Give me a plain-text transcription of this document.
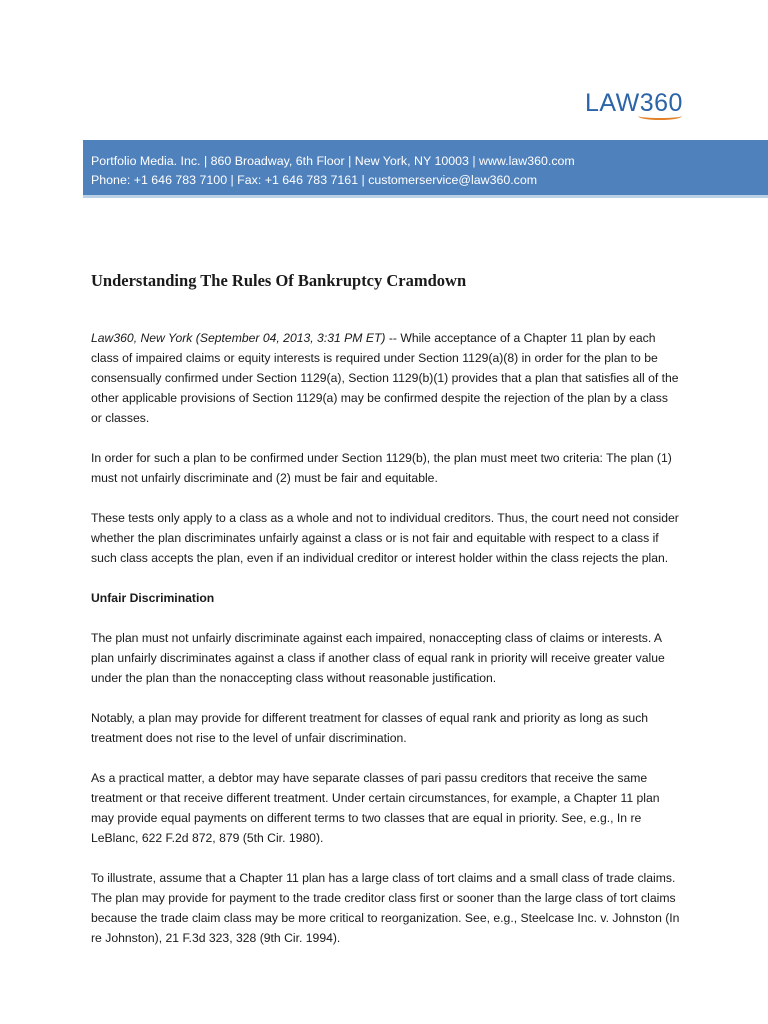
LAW360
Portfolio Media. Inc. | 860 Broadway, 6th Floor | New York, NY 10003 | www.law360.com
Phone: +1 646 783 7100 | Fax: +1 646 783 7161 | customerservice@law360.com
Understanding The Rules Of Bankruptcy Cramdown

Law360, New York (September 04, 2013, 3:31 PM ET) -- While acceptance of a Chapter 11 plan by each class of impaired claims or equity interests is required under Section 1129(a)(8) in order for the plan to be consensually confirmed under Section 1129(a), Section 1129(b)(1) provides that a plan that satisfies all of the other applicable provisions of Section 1129(a) may be confirmed despite the rejection of the plan by a class or classes.

In order for such a plan to be confirmed under Section 1129(b), the plan must meet two criteria: The plan (1) must not unfairly discriminate and (2) must be fair and equitable.

These tests only apply to a class as a whole and not to individual creditors. Thus, the court need not consider whether the plan discriminates unfairly against a class or is not fair and equitable with respect to a class if such class accepts the plan, even if an individual creditor or interest holder within the class rejects the plan.

Unfair Discrimination

The plan must not unfairly discriminate against each impaired, nonaccepting class of claims or interests. A plan unfairly discriminates against a class if another class of equal rank in priority will receive greater value under the plan than the nonaccepting class without reasonable justification.

Notably, a plan may provide for different treatment for classes of equal rank and priority as long as such treatment does not rise to the level of unfair discrimination.

As a practical matter, a debtor may have separate classes of pari passu creditors that receive the same treatment or that receive different treatment. Under certain circumstances, for example, a Chapter 11 plan may provide equal payments on different terms to two classes that are equal in priority. See, e.g., In re LeBlanc, 622 F.2d 872, 879 (5th Cir. 1980).

To illustrate, assume that a Chapter 11 plan has a large class of tort claims and a small class of trade claims. The plan may provide for payment to the trade creditor class first or sooner than the large class of tort claims because the trade claim class may be more critical to reorganization. See, e.g., Steelcase Inc. v. Johnston (In re Johnston), 21 F.3d 323, 328 (9th Cir. 1994).
